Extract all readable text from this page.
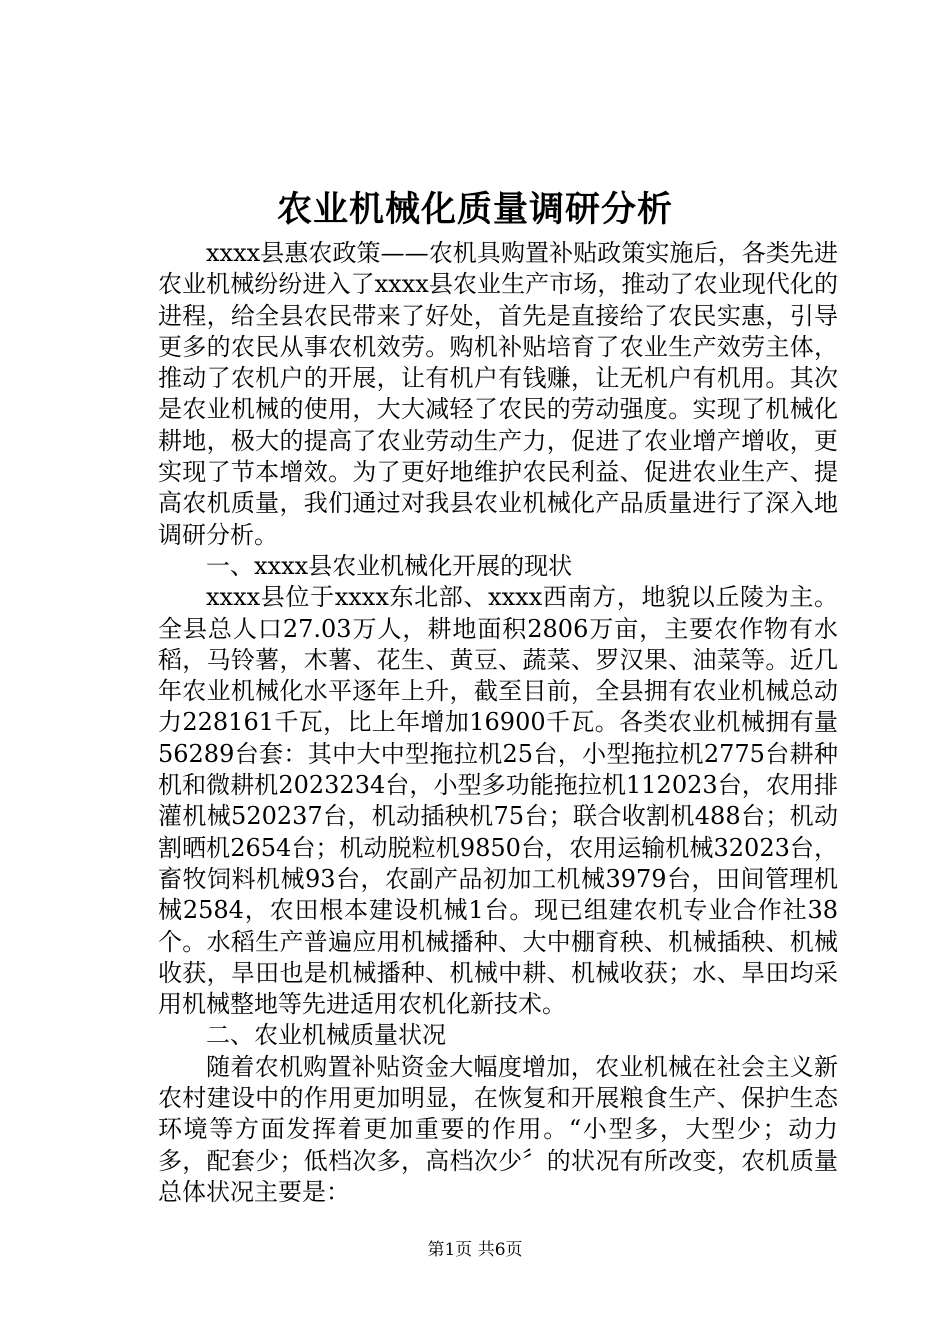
农业机械化质量调研分析

xxxx县惠农政策——农机具购置补贴政策实施后，各类先进农业机械纷纷进入了xxxx县农业生产市场，推动了农业现代化的进程，给全县农民带来了好处，首先是直接给了农民实惠，引导更多的农民从事农机效劳。购机补贴培育了农业生产效劳主体，推动了农机户的开展，让有机户有钱赚，让无机户有机用。其次是农业机械的使用，大大减轻了农民的劳动强度。实现了机械化耕地，极大的提高了农业劳动生产力，促进了农业增产增收，更实现了节本增效。为了更好地维护农民利益、促进农业生产、提高农机质量，我们通过对我县农业机械化产品质量进行了深入地调研分析。

一、xxxx县农业机械化开展的现状

xxxx县位于xxxx东北部、xxxx西南方，地貌以丘陵为主。全县总人口27.03万人，耕地面积2806万亩，主要农作物有水稻，马铃薯，木薯、花生、黄豆、蔬菜、罗汉果、油菜等。近几年农业机械化水平逐年上升，截至目前，全县拥有农业机械总动力228161千瓦，比上年增加16900千瓦。各类农业机械拥有量56289台套：其中大中型拖拉机25台，小型拖拉机2775台耕种机和微耕机2023234台，小型多功能拖拉机112023台，农用排灌机械520237台，机动插秧机75台；联合收割机488台；机动割晒机2654台；机动脱粒机9850台，农用运输机械32023台，畜牧饲料机械93台，农副产品初加工机械3979台，田间管理机械2584，农田根本建设机械1台。现已组建农机专业合作社38个。水稻生产普遍应用机械播种、大中棚育秧、机械插秧、机械收获，旱田也是机械播种、机械中耕、机械收获；水、旱田均采用机械整地等先进适用农机化新技术。

二、农业机械质量状况

随着农机购置补贴资金大幅度增加，农业机械在社会主义新农村建设中的作用更加明显，在恢复和开展粮食生产、保护生态环境等方面发挥着更加重要的作用。“小型多，大型少；动力多，配套少；低档次多，高档次少〞的状况有所改变，农机质量总体状况主要是：

第1页 共6页
